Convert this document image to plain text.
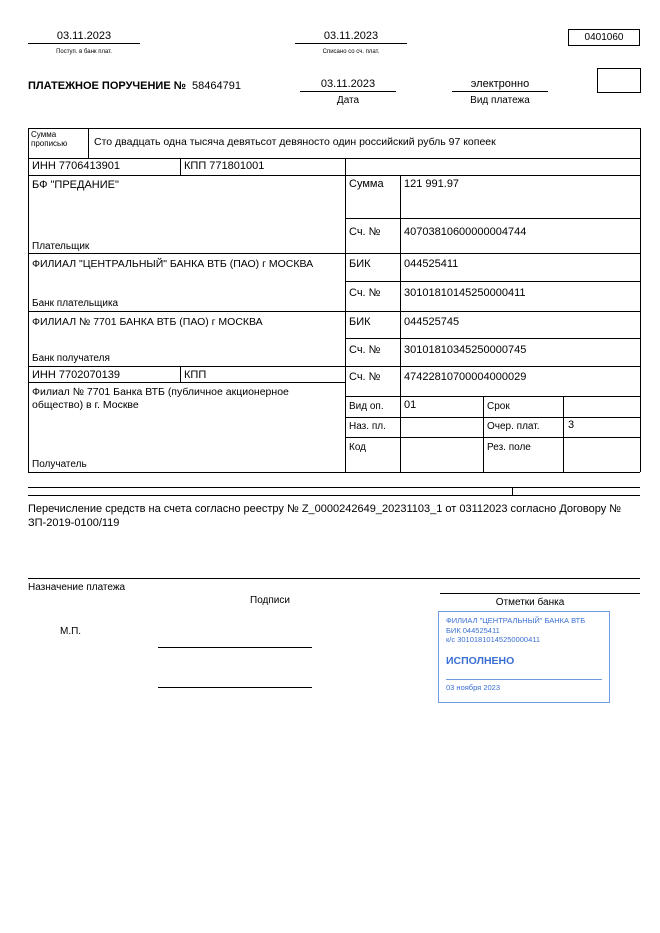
03.11.2023
Поступ. в банк плат.
03.11.2023
Списано со сч. плат.
0401060
ПЛАТЕЖНОЕ ПОРУЧЕНИЕ № 58464791	03.11.2023
Дата
электронно
Вид платежа
Сумма прописью	Сто двадцать одна тысяча девятьсот девяносто один российский рубль 97 копеек
ИНН 7706413901	КПП 771801001
БФ "ПРЕДАНИЕ"
Плательщик
Сумма 121 991.97
Сч. № 40703810600000004744
ФИЛИАЛ "ЦЕНТРАЛЬНЫЙ" БАНКА ВТБ (ПАО) г МОСКВА
Банк плательщика
БИК	044525411
Сч. № 30101810145250000411
ФИЛИАЛ № 7701 БАНКА ВТБ (ПАО) г МОСКВА
Банк получателя
БИК	044525745
Сч. № 30101810345250000745
ИНН 7702070139	КПП
Филиал № 7701 Банка ВТБ (публичное акционерное общество) в г. Москве
Получатель
Сч. № 47422810700004000029
Вид оп. 01	Срок
Наз. пл.	Очер. плат.	3
Код	Рез. поле
Перечисление средств на счета согласно реестру № Z_0000242649_20231103_1 от 03112023 согласно Договору № ЗП-2019-0100/119
Назначение платежа
Подписи	Отметки банка
М.П.
ФИЛИАЛ "ЦЕНТРАЛЬНЫЙ" БАНКА ВТБ
БИК 044525411
к/с 30101810145250000411
ИСПОЛНЕНО
03 ноября 2023
